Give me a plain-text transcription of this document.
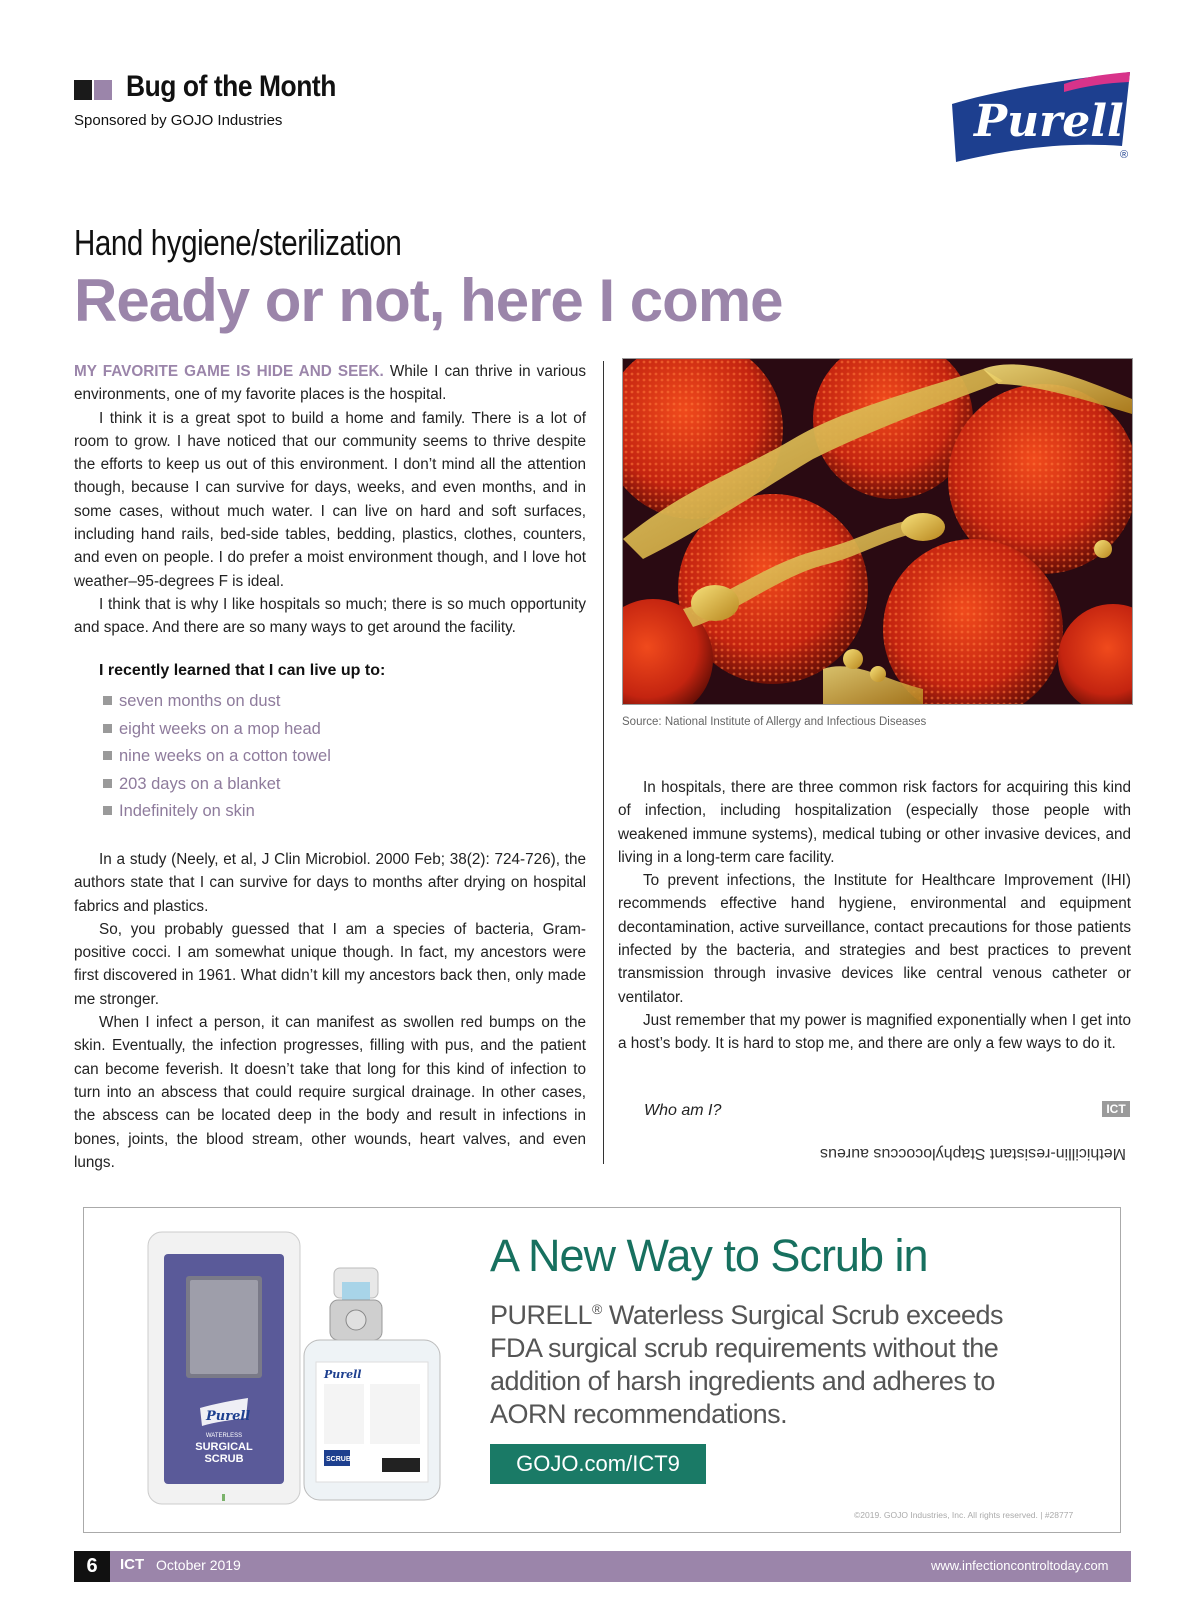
Bug of the Month
Sponsored by GOJO Industries	Purell
®
Hand hygiene/sterilization
Ready or not, here I come

MY FAVORITE GAME IS HIDE AND SEEK. While I can thrive in various environments, one of my favorite places is the hospital.

I think it is a great spot to build a home and family. There is a lot of room to grow. I have noticed that our community seems to thrive despite the efforts to keep us out of this environment. I don’t mind all the attention though, because I can survive for days, weeks, and even months, and in some cases, without much water. I can live on hard and soft surfaces, including hand rails, bed-side tables, bedding, plastics, clothes, counters, and even on people. I do prefer a moist environment though, and I love hot weather–95-degrees F is ideal.

I think that is why I like hospitals so much; there is so much opportunity and space. And there are so many ways to get around the facility.

I recently learned that I can live up to:
seven months on dust
eight weeks on a mop head
nine weeks on a cotton towel
203 days on a blanket
Indefinitely on skin

In a study (Neely, et al, J Clin Microbiol. 2000 Feb; 38(2): 724-726), the authors state that I can survive for days to months after drying on hospital fabrics and plastics.

So, you probably guessed that I am a species of bacteria, Gram-positive cocci. I am somewhat unique though. In fact, my ancestors were first discovered in 1961. What didn’t kill my ancestors back then, only made me stronger.

When I infect a person, it can manifest as swollen red bumps on the skin. Eventually, the infection progresses, filling with pus, and the patient can become feverish. It doesn’t take that long for this kind of infection to turn into an abscess that could require surgical drainage. In other cases, the abscess can be located deep in the body and result in infections in bones, joints, the blood stream, other wounds, heart valves, and even lungs.

Source: National Institute of Allergy and Infectious Diseases

In hospitals, there are three common risk factors for acquiring this kind of infection, including hospitalization (especially those people with weakened immune systems), medical tubing or other invasive devices, and living in a long-term care facility.

To prevent infections, the Institute for Healthcare Improvement (IHI) recommends effective hand hygiene, environmental and equipment decontamination, active surveillance, contact precautions for those patients infected by the bacteria, and strategies and best practices to prevent transmission through invasive devices like central venous catheter or ventilator.

Just remember that my power is magnified exponentially when I get into a host’s body. It is hard to stop me, and there are only a few ways to do it.

Who am I?	ICT
Methicillin-resistant Staphylococcus aureus
Purell
WATERLESS
SURGICAL
SCRUB
Purell
SCRUB
A New Way to Scrub in
PURELL® Waterless Surgical Scrub exceeds FDA surgical scrub requirements without the addition of harsh ingredients and adheres to AORN recommendations.
GOJO.com/ICT9
©2019. GOJO Industries, Inc. All rights reserved. | #28777
6	ICT October 2019	www.infectioncontroltoday.com
